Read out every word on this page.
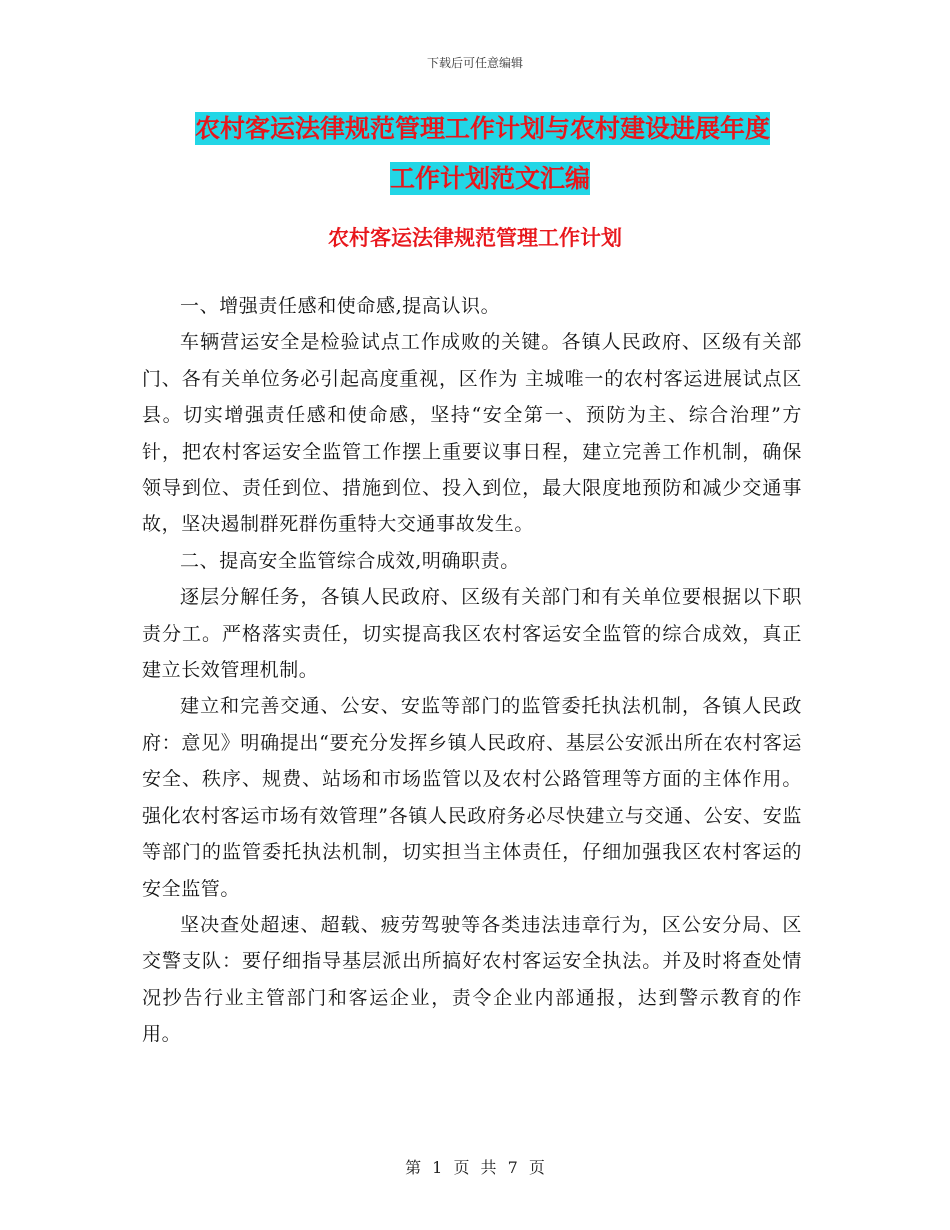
下载后可任意编辑
农村客运法律规范管理工作计划与农村建设进展年度
工作计划范文汇编
农村客运法律规范管理工作计划

一、增强责任感和使命感,提高认识。

车辆营运安全是检验试点工作成败的关键。各镇人民政府、区级有关部门、各有关单位务必引起高度重视，区作为 主城唯一的农村客运进展试点区县。切实增强责任感和使命感，坚持“安全第一、预防为主、综合治理”方针，把农村客运安全监管工作摆上重要议事日程，建立完善工作机制，确保领导到位、责任到位、措施到位、投入到位，最大限度地预防和减少交通事故，坚决遏制群死群伤重特大交通事故发生。

二、提高安全监管综合成效,明确职责。

逐层分解任务，各镇人民政府、区级有关部门和有关单位要根据以下职责分工。严格落实责任，切实提高我区农村客运安全监管的综合成效，真正建立长效管理机制。

建立和完善交通、公安、安监等部门的监管委托执法机制，各镇人民政府：意见》明确提出“要充分发挥乡镇人民政府、基层公安派出所在农村客运安全、秩序、规费、站场和市场监管以及农村公路管理等方面的主体作用。强化农村客运市场有效管理”各镇人民政府务必尽快建立与交通、公安、安监等部门的监管委托执法机制，切实担当主体责任，仔细加强我区农村客运的安全监管。

坚决查处超速、超载、疲劳驾驶等各类违法违章行为，区公安分局、区交警支队：要仔细指导基层派出所搞好农村客运安全执法。并及时将查处情况抄告行业主管部门和客运企业，责令企业内部通报，达到警示教育的作用。

第 1 页 共 7 页
